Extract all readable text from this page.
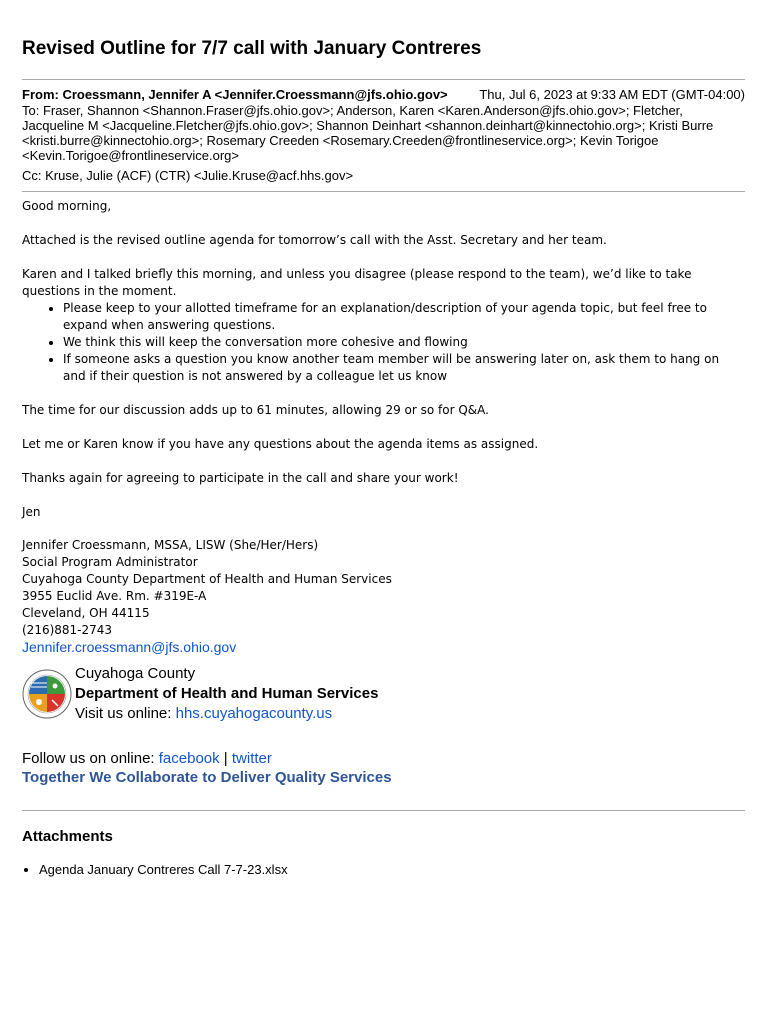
Revised Outline for 7/7 call with January Contreres
From: Croessmann, Jennifer A <Jennifer.Croessmann@jfs.ohio.gov> Thu, Jul 6, 2023 at 9:33 AM EDT (GMT-04:00)
To: Fraser, Shannon <Shannon.Fraser@jfs.ohio.gov>; Anderson, Karen <Karen.Anderson@jfs.ohio.gov>; Fletcher, Jacqueline M <Jacqueline.Fletcher@jfs.ohio.gov>; Shannon Deinhart <shannon.deinhart@kinnectohio.org>; Kristi Burre <kristi.burre@kinnectohio.org>; Rosemary Creeden <Rosemary.Creeden@frontlineservice.org>; Kevin Torigoe <Kevin.Torigoe@frontlineservice.org>
Cc: Kruse, Julie (ACF) (CTR) <Julie.Kruse@acf.hhs.gov>

Good morning,

Attached is the revised outline agenda for tomorrow’s call with the Asst. Secretary and her team.

Karen and I talked briefly this morning, and unless you disagree (please respond to the team), we’d like to take questions in the moment.

• Please keep to your allotted timeframe for an explanation/description of your agenda topic, but feel free to expand when answering questions.
• We think this will keep the conversation more cohesive and flowing
• If someone asks a question you know another team member will be answering later on, ask them to hang on and if their question is not answered by a colleague let us know

The time for our discussion adds up to 61 minutes, allowing 29 or so for Q&A.

Let me or Karen know if you have any questions about the agenda items as assigned.

Thanks again for agreeing to participate in the call and share your work!

Jen

Jennifer Croessmann, MSSA, LISW (She/Her/Hers)
Social Program Administrator
Cuyahoga County Department of Health and Human Services
3955 Euclid Ave. Rm. #319E-A
Cleveland, OH 44115
(216)881-2743
Jennifer.croessmann@jfs.ohio.gov
Cuyahoga County
Department of Health and Human Services
Visit us online: hhs.cuyahogacounty.us
Follow us on online: facebook | twitter
Together We Collaborate to Deliver Quality Services
Attachments
• Agenda January Contreres Call 7-7-23.xlsx
